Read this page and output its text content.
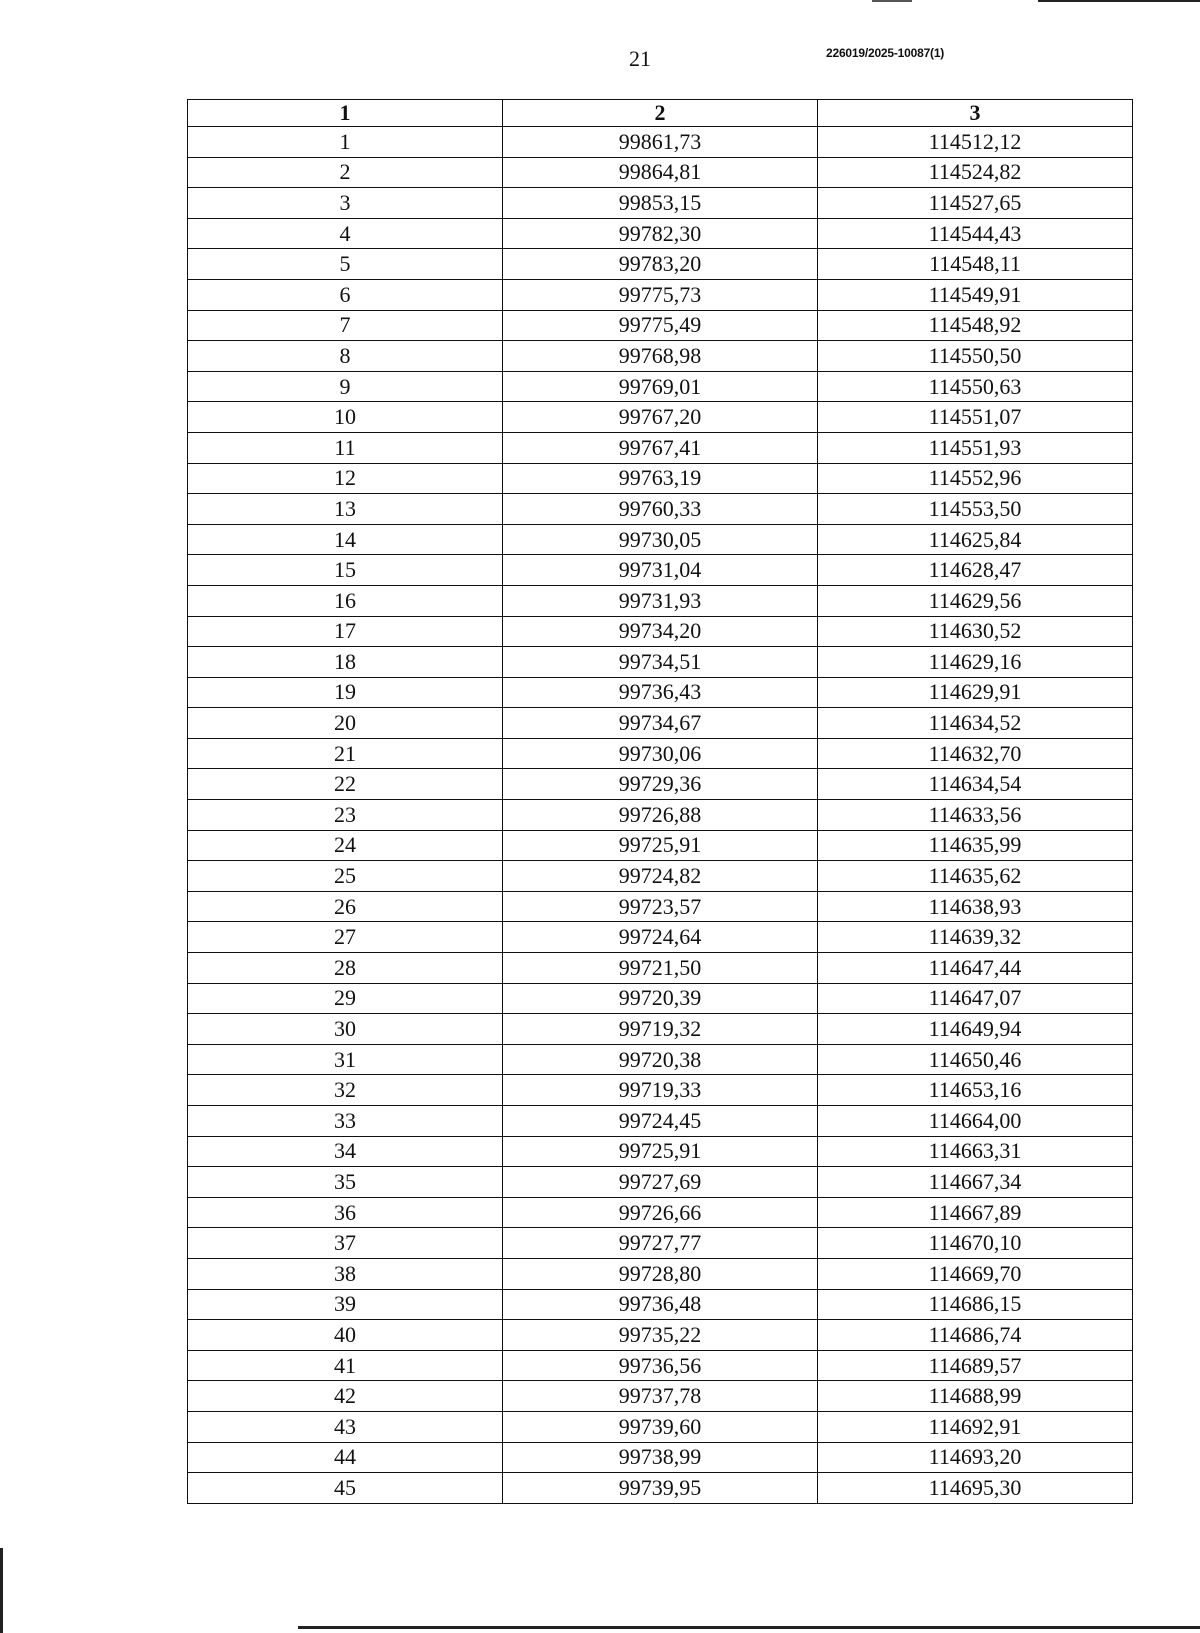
21	226019/2025-10087(1)
1	2	3
1	99861,73	114512,12
2	99864,81	114524,82
3	99853,15	114527,65
4	99782,30	114544,43
5	99783,20	114548,11
6	99775,73	114549,91
7	99775,49	114548,92
8	99768,98	114550,50
9	99769,01	114550,63
10	99767,20	114551,07
11	99767,41	114551,93
12	99763,19	114552,96
13	99760,33	114553,50
14	99730,05	114625,84
15	99731,04	114628,47
16	99731,93	114629,56
17	99734,20	114630,52
18	99734,51	114629,16
19	99736,43	114629,91
20	99734,67	114634,52
21	99730,06	114632,70
22	99729,36	114634,54
23	99726,88	114633,56
24	99725,91	114635,99
25	99724,82	114635,62
26	99723,57	114638,93
27	99724,64	114639,32
28	99721,50	114647,44
29	99720,39	114647,07
30	99719,32	114649,94
31	99720,38	114650,46
32	99719,33	114653,16
33	99724,45	114664,00
34	99725,91	114663,31
35	99727,69	114667,34
36	99726,66	114667,89
37	99727,77	114670,10
38	99728,80	114669,70
39	99736,48	114686,15
40	99735,22	114686,74
41	99736,56	114689,57
42	99737,78	114688,99
43	99739,60	114692,91
44	99738,99	114693,20
45	99739,95	114695,30
